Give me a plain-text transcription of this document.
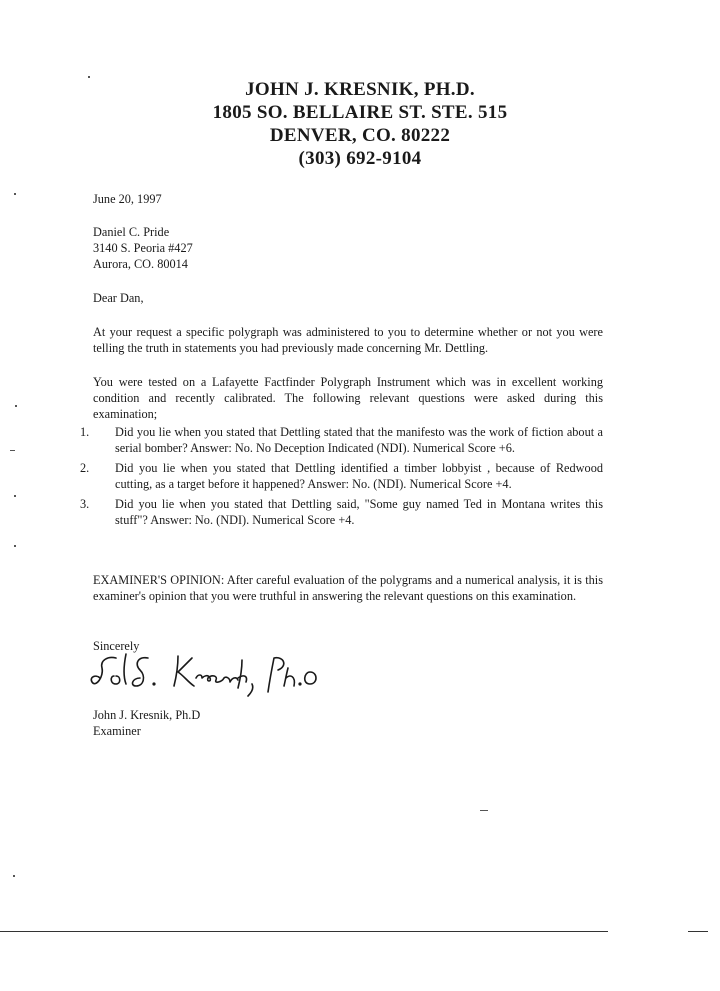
JOHN J. KRESNIK, PH.D.
1805 SO. BELLAIRE ST. STE. 515
DENVER, CO. 80222
(303) 692-9104
June 20, 1997
Daniel C. Pride
3140 S. Peoria #427
Aurora, CO. 80014
Dear Dan,
At your request a specific polygraph was administered to you to determine whether or not you were telling the truth in statements you had previously made concerning Mr. Dettling.
You were tested on a Lafayette Factfinder Polygraph Instrument which was in excellent working condition and recently calibrated. The following relevant questions were asked during this examination;
1. Did you lie when you stated that Dettling stated that the manifesto was the work of fiction about a serial bomber? Answer: No. No Deception Indicated (NDI). Numerical Score +6.
2. Did you lie when you stated that Dettling identified a timber lobbyist , because of Redwood cutting, as a target before it happened? Answer: No. (NDI). Numerical Score +4.
3. Did you lie when you stated that Dettling said, "Some guy named Ted in Montana writes this stuff"? Answer: No. (NDI). Numerical Score +4.
EXAMINER'S OPINION: After careful evaluation of the polygrams and a numerical analysis, it is this examiner's opinion that you were truthful in answering the relevant questions on this examination.
Sincerely
John J. Kresnik, Ph.D
Examiner
